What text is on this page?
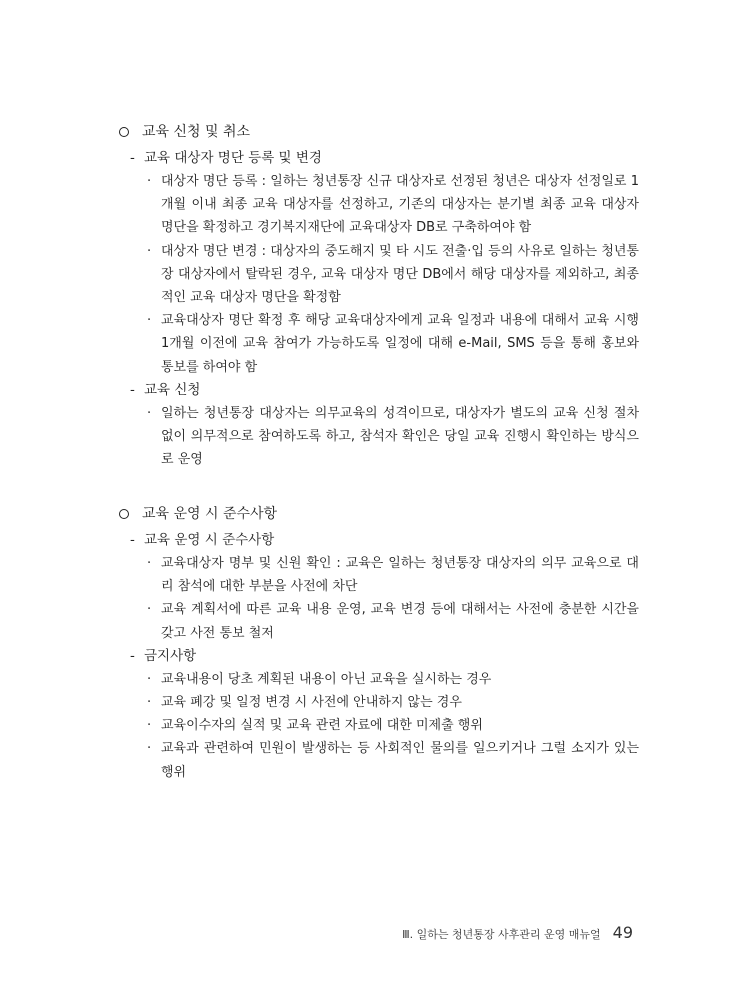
교육 신청 및 취소
- 교육 대상자 명단 등록 및 변경
· 대상자 명단 등록 : 일하는 청년통장 신규 대상자로 선정된 청년은 대상자 선정일로 1개월 이내 최종 교육 대상자를 선정하고, 기존의 대상자는 분기별 최종 교육 대상자 명단을 확정하고 경기복지재단에 교육대상자 DB로 구축하여야 함
· 대상자 명단 변경 : 대상자의 중도해지 및 타 시도 전출·입 등의 사유로 일하는 청년통장 대상자에서 탈락된 경우, 교육 대상자 명단 DB에서 해당 대상자를 제외하고, 최종적인 교육 대상자 명단을 확정함
· 교육대상자 명단 확정 후 해당 교육대상자에게 교육 일정과 내용에 대해서 교육 시행 1개월 이전에 교육 참여가 가능하도록 일정에 대해 e-Mail, SMS 등을 통해 홍보와 통보를 하여야 함
- 교육 신청
· 일하는 청년통장 대상자는 의무교육의 성격이므로, 대상자가 별도의 교육 신청 절차없이 의무적으로 참여하도록 하고, 참석자 확인은 당일 교육 진행시 확인하는 방식으로 운영
교육 운영 시 준수사항
- 교육 운영 시 준수사항
· 교육대상자 명부 및 신원 확인 : 교육은 일하는 청년통장 대상자의 의무 교육으로 대리 참석에 대한 부분을 사전에 차단
· 교육 계획서에 따른 교육 내용 운영, 교육 변경 등에 대해서는 사전에 충분한 시간을 갖고 사전 통보 철저
- 금지사항
· 교육내용이 당초 계획된 내용이 아닌 교육을 실시하는 경우
· 교육 폐강 및 일정 변경 시 사전에 안내하지 않는 경우
· 교육이수자의 실적 및 교육 관련 자료에 대한 미제출 행위
· 교육과 관련하여 민원이 발생하는 등 사회적인 물의를 일으키거나 그럴 소지가 있는 행위
Ⅲ. 일하는 청년통장 사후관리 운영 매뉴얼 49
